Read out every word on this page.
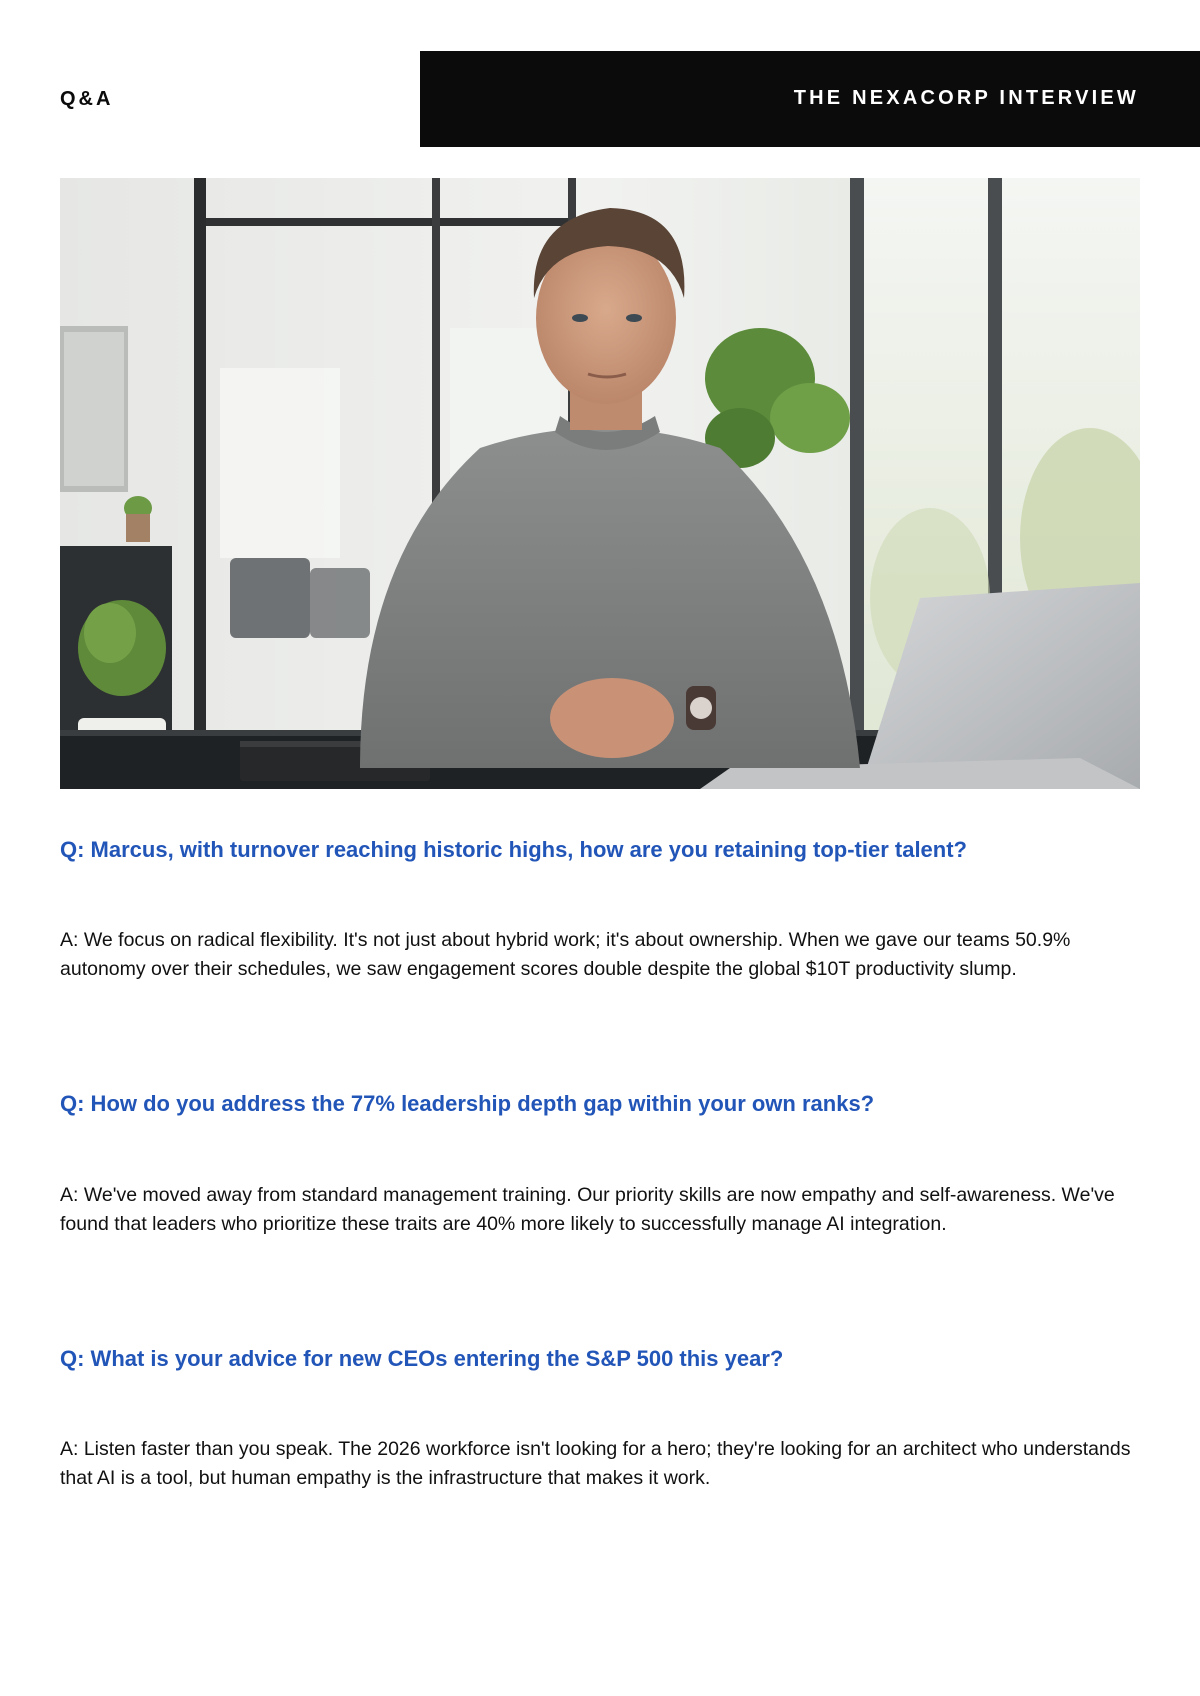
Q&A	THE NEXACORP INTERVIEW

Q: Marcus, with turnover reaching historic highs, how are you retaining top-tier talent?

A: We focus on radical flexibility. It's not just about hybrid work; it's about ownership. When we gave our teams 50.9% autonomy over their schedules, we saw engagement scores double despite the global $10T productivity slump.

Q: How do you address the 77% leadership depth gap within your own ranks?

A: We've moved away from standard management training. Our priority skills are now empathy and self-awareness. We've found that leaders who prioritize these traits are 40% more likely to successfully manage AI integration.

Q: What is your advice for new CEOs entering the S&P 500 this year?

A: Listen faster than you speak. The 2026 workforce isn't looking for a hero; they're looking for an architect who understands that AI is a tool, but human empathy is the infrastructure that makes it work.
